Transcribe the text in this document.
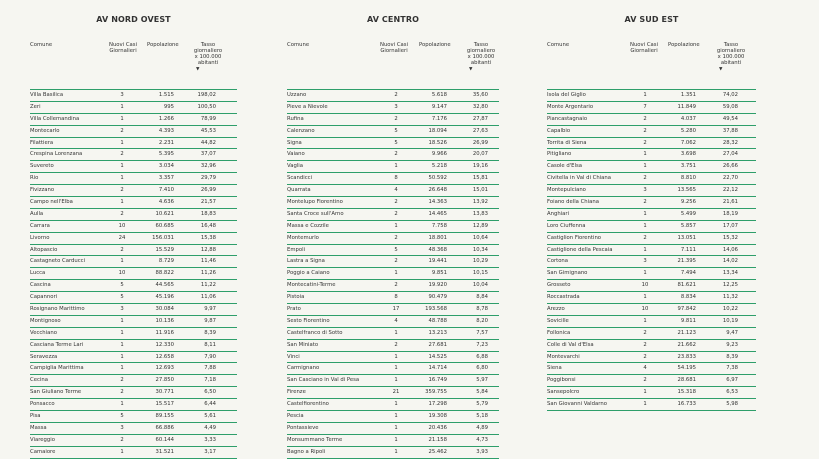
AV NORD OVEST
Comune	Nuovi Casi Giornalieri
Popolazione	Tasso giornaliero x 100.000 abitanti
▼
Villa Basilica	3	1.515	198,02
Zeri	1	995	100,50
Villa Collemandina	1	1.266	78,99
Montecarlo	2	4.393	45,53
Filattiera	1	2.231	44,82
Crespina Lorenzana	2	5.395	37,07
Suvereto	1	3.034	32,96
Rio	1	3.357	29,79
Fivizzano	2	7.410	26,99
Campo nell'Elba	1	4.636	21,57
Aulla	2	10.621	18,83
Carrara	10	60.685	16,48
Livorno	24	156.031	15,38
Altopascio	2	15.529	12,88
Castagneto Carducci	1	8.729	11,46
Lucca	10	88.822	11,26
Cascina	5	44.565	11,22
Capannori	5	45.196	11,06
Rosignano Marittimo	3	30.084	9,97
Montignoso	1	10.136	9,87
Vecchiano	1	11.916	8,39
Casciana Terme Lari	1	12.330	8,11
Seravezza	1	12.658	7,90
Campiglia Marittima	1	12.693	7,88
Cecina	2	27.850	7,18
San Giuliano Terme	2	30.771	6,50
Ponsacco	1	15.517	6,44
Pisa	5	89.155	5,61
Massa	3	66.886	4,49
Viareggio	2	60.144	3,33
Camaiore	1	31.521	3,17
AV CENTRO
Comune	Nuovi Casi Giornalieri
Popolazione	Tasso giornaliero x 100.000 abitanti
▼
Uzzano	2	5.618	35,60
Pieve a Nievole	3	9.147	32,80
Rufina	2	7.176	27,87
Calenzano	5	18.094	27,63
Signa	5	18.526	26,99
Vaiano	2	9.966	20,07
Vaglia	1	5.218	19,16
Scandicci	8	50.592	15,81
Quarrata	4	26.648	15,01
Montelupo Fiorentino	2	14.363	13,92
Santa Croce sull'Arno	2	14.465	13,83
Massa e Cozzile	1	7.758	12,89
Montemurlo	2	18.801	10,64
Empoli	5	48.368	10,34
Lastra a Signa	2	19.441	10,29
Poggio a Caiano	1	9.851	10,15
Montecatini-Terme	2	19.920	10,04
Pistoia	8	90.479	8,84
Prato	17	193.568	8,78
Sesto Fiorentino	4	48.788	8,20
Castelfranco di Sotto	1	13.213	7,57
San Miniato	2	27.681	7,23
Vinci	1	14.525	6,88
Carmignano	1	14.714	6,80
San Casciano in Val di Pesa	1	16.749	5,97
Firenze	21	359.755	5,84
Castelfiorentino	1	17.298	5,79
Pescia	1	19.308	5,18
Pontassieve	1	20.436	4,89
Monsummano Terme	1	21.158	4,73
Bagno a Ripoli	1	25.462	3,93
AV SUD EST
Comune	Nuovi Casi Giornalieri
Popolazione	Tasso giornaliero x 100.000 abitanti
▼
Isola del Giglio	1	1.351	74,02
Monte Argentario	7	11.849	59,08
Piancastagnaio	2	4.037	49,54
Capalbio	2	5.280	37,88
Torrita di Siena	2	7.062	28,32
Pitigliano	1	3.698	27,04
Casole d'Elsa	1	3.751	26,66
Civitella in Val di Chiana	2	8.810	22,70
Montepulciano	3	13.565	22,12
Foiano della Chiana	2	9.256	21,61
Anghiari	1	5.499	18,19
Loro Ciuffenna	1	5.857	17,07
Castiglion Fiorentino	2	13.051	15,32
Castiglione della Pescaia	1	7.111	14,06
Cortona	3	21.395	14,02
San Gimignano	1	7.494	13,34
Grosseto	10	81.621	12,25
Roccastrada	1	8.834	11,32
Arezzo	10	97.842	10,22
Sovicille	1	9.811	10,19
Follonica	2	21.123	9,47
Colle di Val d'Elsa	2	21.662	9,23
Montevarchi	2	23.833	8,39
Siena	4	54.195	7,38
Poggibonsi	2	28.681	6,97
Sansepolcro	1	15.318	6,53
San Giovanni Valdarno	1	16.733	5,98
